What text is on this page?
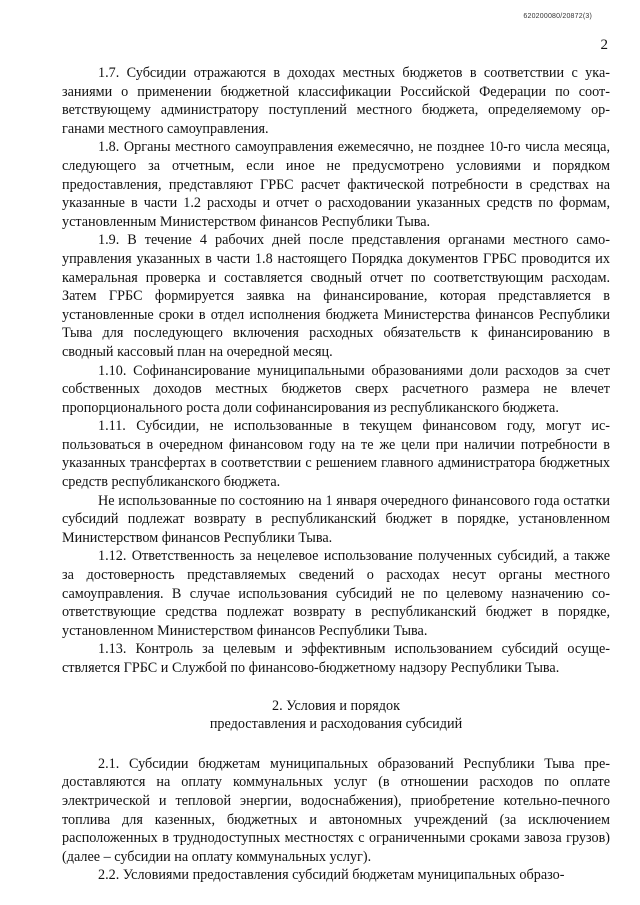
620200080/20872(3)
2

1.7. Субсидии отражаются в доходах местных бюджетов в соответствии с указаниями о применении бюджетной классификации Российской Федерации по соответствующему администратору поступлений местного бюджета, определяемому органами местного самоуправления.

1.8. Органы местного самоуправления ежемесячно, не позднее 10-го числа месяца, следующего за отчетным, если иное не предусмотрено условиями и порядком предоставления, представляют ГРБС расчет фактической потребности в средствах на указанные в части 1.2 расходы и отчет о расходовании указанных средств по формам, установленным Министерством финансов Республики Тыва.

1.9. В течение 4 рабочих дней после представления органами местного самоуправления указанных в части 1.8 настоящего Порядка документов ГРБС проводится их камеральная проверка и составляется сводный отчет по соответствующим расходам. Затем ГРБС формируется заявка на финансирование, которая представляется в установленные сроки в отдел исполнения бюджета Министерства финансов Республики Тыва для последующего включения расходных обязательств к финансированию в сводный кассовый план на очередной месяц.

1.10. Софинансирование муниципальными образованиями доли расходов за счет собственных доходов местных бюджетов сверх расчетного размера не влечет пропорционального роста доли софинансирования из республиканского бюджета.

1.11. Субсидии, не использованные в текущем финансовом году, могут использоваться в очередном финансовом году на те же цели при наличии потребности в указанных трансфертах в соответствии с решением главного администратора бюджетных средств республиканского бюджета.

Не использованные по состоянию на 1 января очередного финансового года остатки субсидий подлежат возврату в республиканский бюджет в порядке, установленном Министерством финансов Республики Тыва.

1.12. Ответственность за нецелевое использование полученных субсидий, а также за достоверность представляемых сведений о расходах несут органы местного самоуправления. В случае использования субсидий не по целевому назначению соответствующие средства подлежат возврату в республиканский бюджет в порядке, установленном Министерством финансов Республики Тыва.

1.13. Контроль за целевым и эффективным использованием субсидий осуществляется ГРБС и Службой по финансово-бюджетному надзору Республики Тыва.

2. Условия и порядок
предоставления и расходования субсидий

2.1. Субсидии бюджетам муниципальных образований Республики Тыва предоставляются на оплату коммунальных услуг (в отношении расходов по оплате электрической и тепловой энергии, водоснабжения), приобретение котельно-печного топлива для казенных, бюджетных и автономных учреждений (за исключением расположенных в труднодоступных местностях с ограниченными сроками завоза грузов) (далее – субсидии на оплату коммунальных услуг).

2.2. Условиями предоставления субсидий бюджетам муниципальных образо-
